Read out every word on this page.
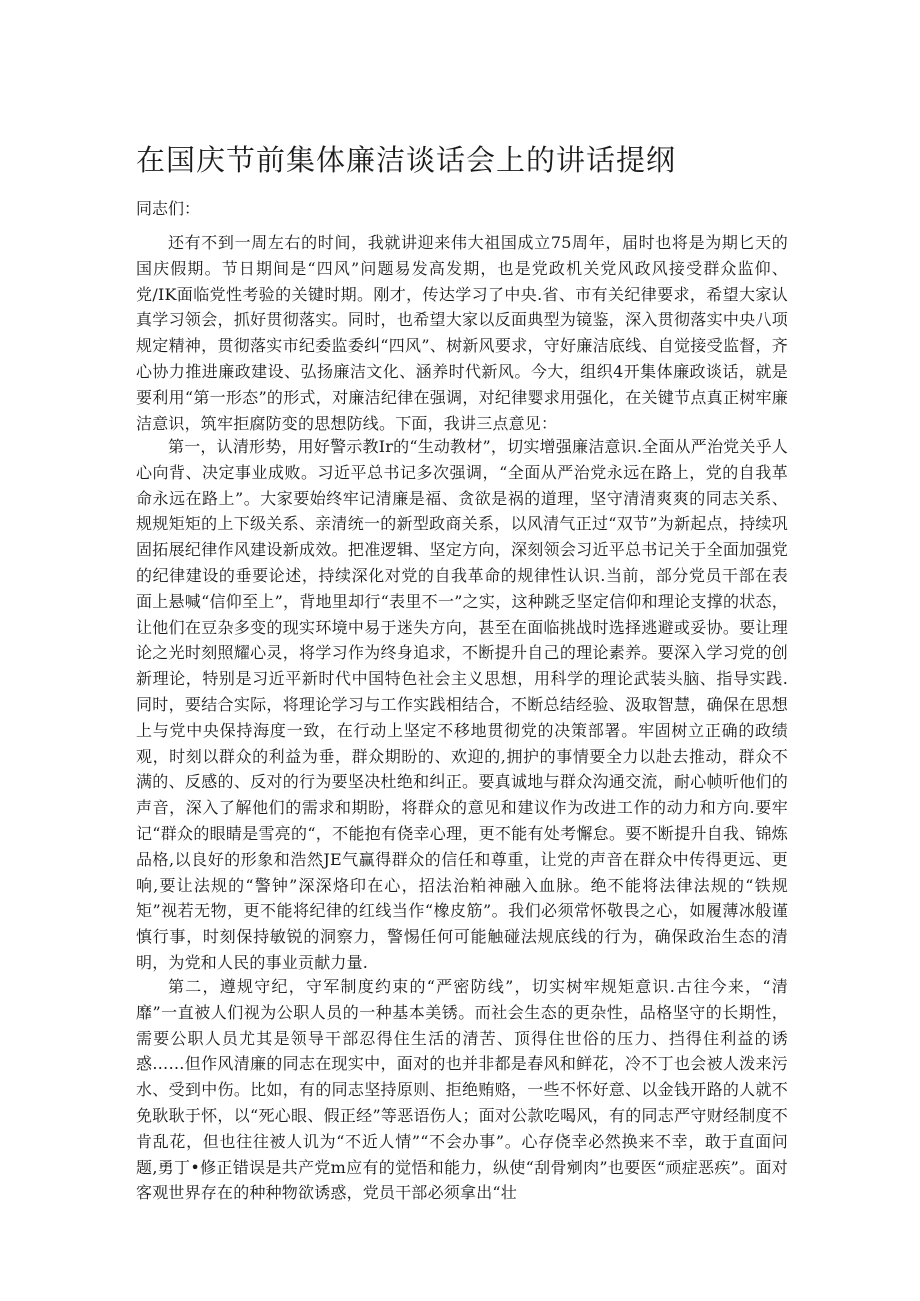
在国庆节前集体廉洁谈话会上的讲话提纲

同志们：

还有不到一周左右的时间，我就讲迎来伟大祖国成立75周年，届时也将是为期匕天的国庆假期。节日期间是“四风”问题易发高发期，也是党政机关党风政风接受群众监仰、党/IK面临党性考验的关键时期。刚才，传达学习了中央.省、市有关纪律要求，希望大家认真学习领会，抓好贯彻落实。同时，也希望大家以反面典型为镜鉴，深入贯彻落实中央八项规定精神，贯彻落实市纪委监委纠“四风”、树新风要求，守好廉洁底线、自觉接受监督，齐心协力推进廉政建设、弘扬廉洁文化、涵养时代新风。今大，组织4开集体廉政谈话，就是要利用“第一形态”的形式，对廉洁纪律在强调，对纪律婴求用强化，在关键节点真正树牢廉洁意识，筑牢拒腐防变的思想防线。下面，我讲三点意见：

第一，认清形势，用好警示教Ir的“生动教材”，切实增强廉洁意识.全面从严治党关乎人心向背、决定事业成败。习近平总书记多次强调，“全面从严治党永远在路上，党的自我革命永远在路上”。大家要始终牢记清廉是福、贪欲是祸的道理，坚守清清爽爽的同志关系、规规矩矩的上下级关系、亲清统一的新型政商关系，以风清气正过“双节”为新起点，持续巩固拓展纪律作风建设新成效。把准逻辑、坚定方向，深刻领会习近平总书记关于全面加强党的纪律建设的垂要论述，持续深化对党的自我革命的规律性认识.当前，部分党员干部在表面上悬喊“信仰至上”，背地里却行“表里不一”之实，这种跳乏坚定信仰和理论支撑的状态，让他们在豆杂多变的现实环境中易于迷失方向，甚至在面临挑战时选择逃避或妥协。要让理论之光时刻照耀心灵，将学习作为终身追求，不断提升自己的理论素养。要深入学习党的创新理论，特别是习近平新时代中国特色社会主义思想，用科学的理论武装头脑、指导实践.同时，要结合实际，将理论学习与工作实践相结合，不断总结经验、汲取智慧，确保在思想上与党中央保持海度一致，在行动上坚定不移地贯彻党的决策部署。牢固树立正确的政绩观，时刻以群众的利益为垂，群众期盼的、欢迎的,拥护的事情要全力以赴去推动，群众不满的、反感的、反对的行为要坚决杜绝和纠正。要真诚地与群众沟通交流，耐心帧听他们的声音，深入了解他们的需求和期盼，将群众的意见和建议作为改进工作的动力和方向.要牢记“群众的眼睛是雪亮的“，不能抱有侥幸心理，更不能有处考懈怠。要不断提升自我、锦炼品格,以良好的形象和浩然JE气赢得群众的信任和尊重，让党的声音在群众中传得更远、更响,要让法规的“警钟”深深烙印在心，招法治粕神融入血脉。绝不能将法律法规的“铁规矩”视若无物，更不能将纪律的红线当作“橡皮筋”。我们必须常怀敬畏之心，如履薄冰般谨慎行事，时刻保持敏锐的洞察力，警惕任何可能触碰法规底线的行为，确保政治生态的清明，为党和人民的事业贡献力量.

第二，遵规守纪，守军制度约束的“严密防线”，切实树牢规矩意识.古往今来，“清靡”一直被人们视为公职人员的一种基本美锈。而社会生态的更杂性，品格坚守的长期性，需要公职人员尤其是领导干部忍得住生活的清苦、顶得住世俗的压力、挡得住利益的诱惑……但作风清廉的同志在现实中，面对的也并非都是春风和鲜花，冷不丁也会被人泼来污水、受到中伤。比如，有的同志坚持原则、拒绝贿赂，一些不怀好意、以金钱开路的人就不免耿耿于怀，以“死心眼、假正经”等恶语伤人；面对公款吃喝风，有的同志严守财经制度不肯乱花，但也往往被人讥为“不近人情”“不会办事”。心存侥幸必然换来不幸，敢于直面问题,勇丁•修正错误是共产党m应有的觉悟和能力，纵使“刮骨剜肉”也要医“顽症恶疾”。面对客观世界存在的种种物欲诱惑，党员干部必须拿出“壮
